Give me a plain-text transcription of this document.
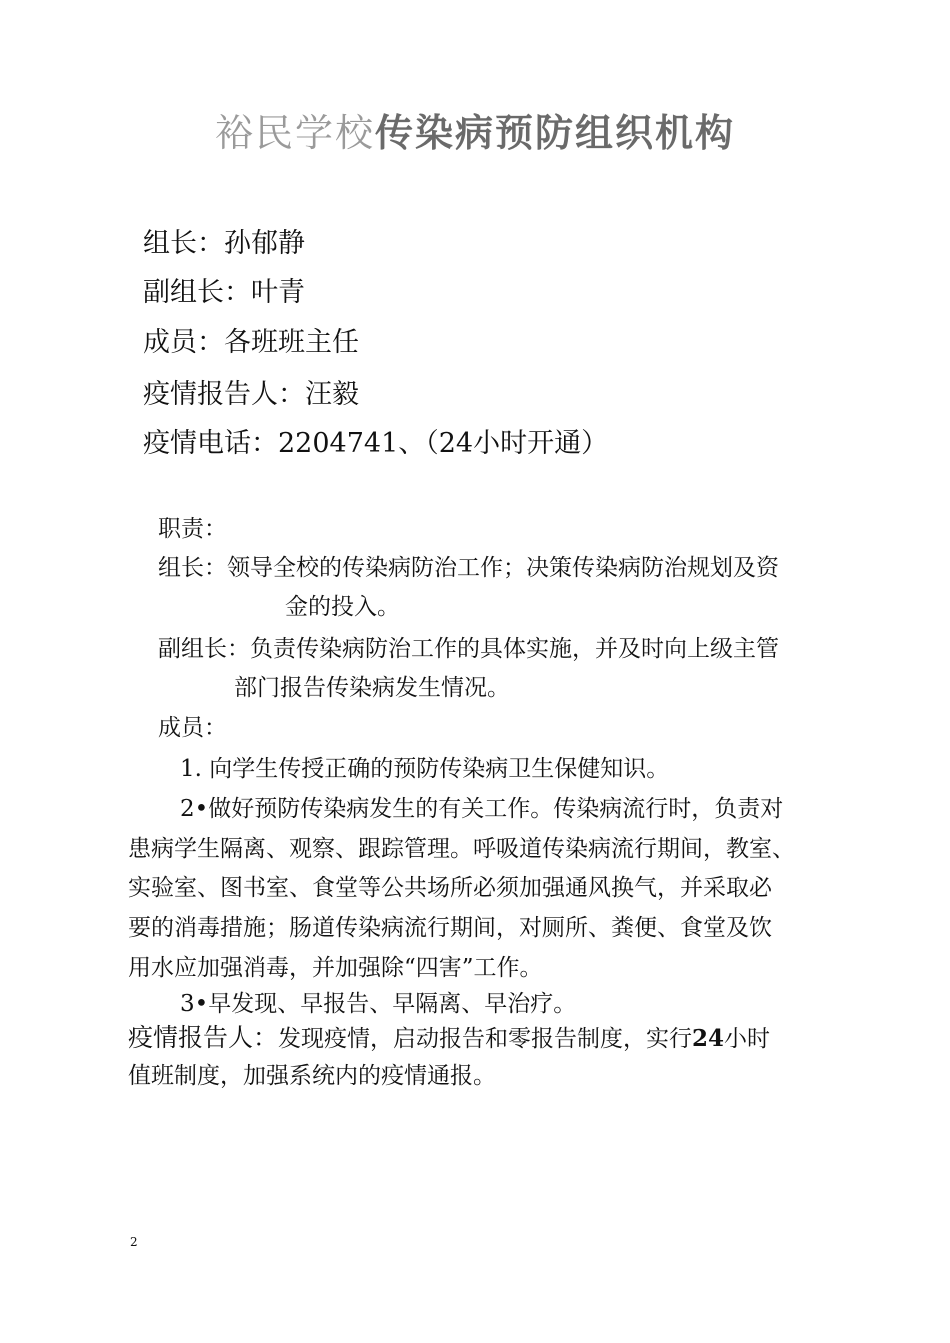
裕民学校传染病预防组织机构
组长：孙郁静
副组长：叶青
成员：各班班主任
疫情报告人：汪毅
疫情电话：2204741、（24小时开通）
职责：
组长：领导全校的传染病防治工作；决策传染病防治规划及资
金的投入。
副组长：负责传染病防治工作的具体实施，并及时向上级主管
部门报告传染病发生情况。
成员：
1. 向学生传授正确的预防传染病卫生保健知识。
2•做好预防传染病发生的有关工作。传染病流行时，负责对
患病学生隔离、观察、跟踪管理。呼吸道传染病流行期间，教室、
实验室、图书室、食堂等公共场所必须加强通风换气，并采取必
要的消毒措施；肠道传染病流行期间，对厕所、粪便、食堂及饮
用水应加强消毒，并加强除“四害”工作。
3•早发现、早报告、早隔离、早治疗。
疫情报告人：发现疫情，启动报告和零报告制度，实行24小时
值班制度，加强系统内的疫情通报。
2
